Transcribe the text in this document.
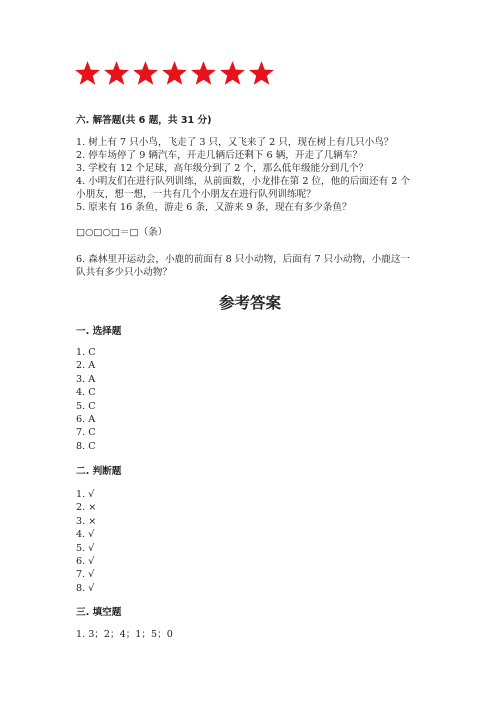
六. 解答题(共 6 题，共 31 分)
1. 树上有 7 只小鸟，飞走了 3 只，又飞来了 2 只，现在树上有几只小鸟？
2. 停车场停了 9 辆汽车，开走几辆后还剩下 6 辆，开走了几辆车？
3. 学校有 12 个足球，高年级分到了 2 个，那么低年级能分到几个？
4. 小明友们在进行队列训练，从前面数，小龙排在第 2 位，他的后面还有 2 个
小朋友，想一想，一共有几个小朋友在进行队列训练呢？
5. 原来有 16 条鱼，游走 6 条，又游来 9 条，现在有多少条鱼？
□○□○□＝□（条）
6. 森林里开运动会，小鹿的前面有 8 只小动物，后面有 7 只小动物，小鹿这一
队共有多少只小动物？
参考答案
一. 选择题
1. C
2. A
3. A
4. C
5. C
6. A
7. C
8. C
二. 判断题
1. √
2. ×
3. ×
4. √
5. √
6. √
7. √
8. √
三. 填空题
1. 3；2；4；1；5；0
